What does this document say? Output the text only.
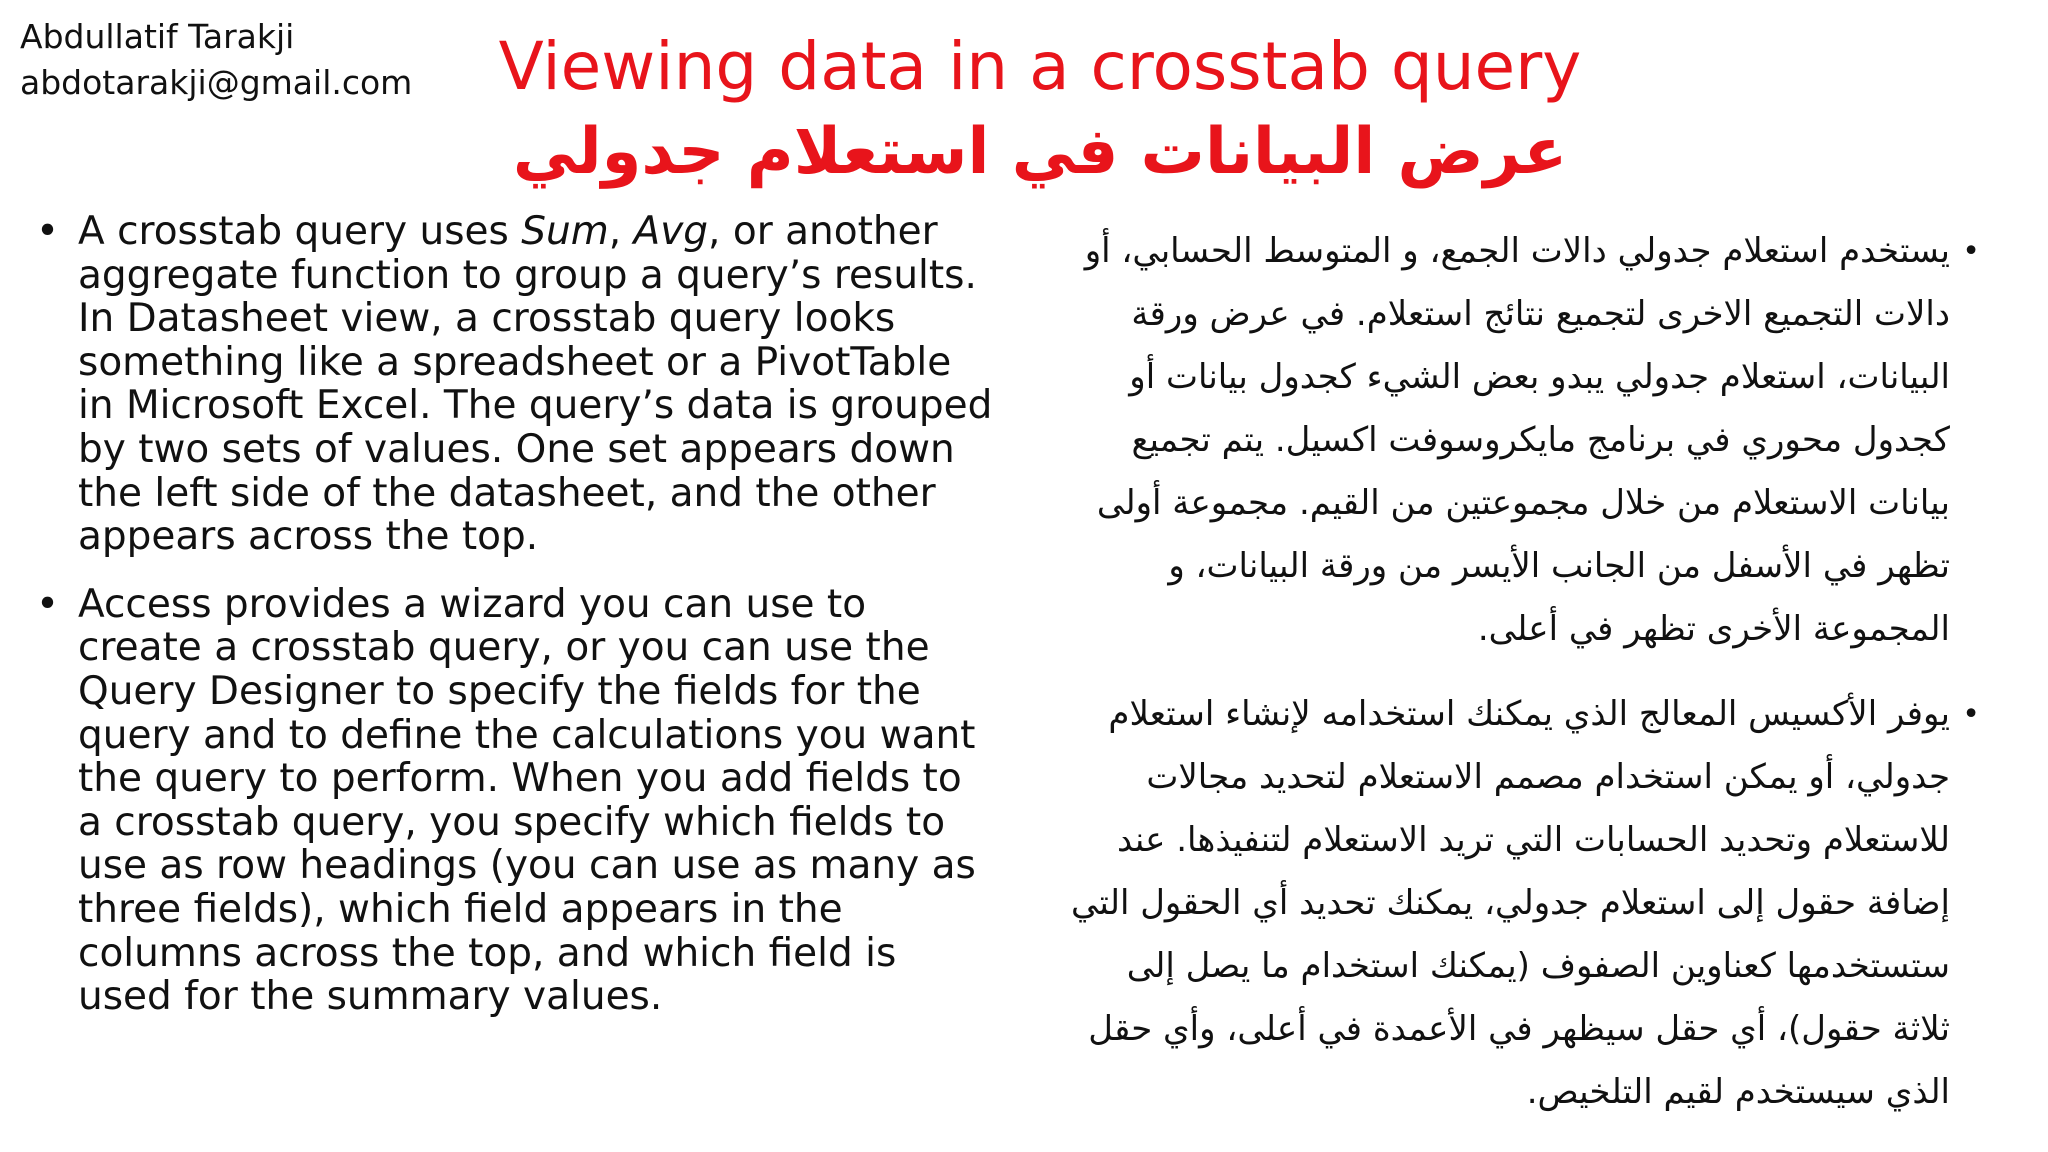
Abdullatif Tarakji
abdotarakji@gmail.com	Viewing data in a crosstab query
عرض البيانات في استعلام جدولي
• A crosstab query uses Sum, Avg, or another aggregate function to group a query’s results. In Datasheet view, a crosstab query looks something like a spreadsheet or a PivotTable in Microsoft Excel. The query’s data is grouped by two sets of values. One set appears down the left side of the datasheet, and the other appears across the top.
• Access provides a wizard you can use to create a crosstab query, or you can use the Query Designer to specify the fields for the query and to define the calculations you want the query to perform. When you add fields to a crosstab query, you specify which fields to use as row headings (you can use as many as three fields), which field appears in the columns across the top, and which field is used for the summary values.
•
يستخدم استعلام جدولي دالات الجمع، و المتوسط الحسابي، أو دالات التجميع الاخرى لتجميع نتائج استعلام. في عرض ورقة البيانات، استعلام جدولي يبدو بعض الشيء كجدول بيانات أو كجدول محوري في برنامج مايكروسوفت اكسيل. يتم تجميع بيانات الاستعلام من خلال مجموعتين من القيم. مجموعة أولى تظهر في الأسفل من الجانب الأيسر من ورقة البيانات، و المجموعة الأخرى تظهر في أعلى.
•
يوفر الأكسيس المعالج الذي يمكنك استخدامه لإنشاء استعلام جدولي، أو يمكن استخدام مصمم الاستعلام لتحديد مجالات للاستعلام وتحديد الحسابات التي تريد الاستعلام لتنفيذها. عند إضافة حقول إلى استعلام جدولي، يمكنك تحديد أي الحقول التي ستستخدمها كعناوين الصفوف (يمكنك استخدام ما يصل إلى ثلاثة حقول)، أي حقل سيظهر في الأعمدة في أعلى، وأي حقل الذي سيستخدم لقيم التلخيص.
